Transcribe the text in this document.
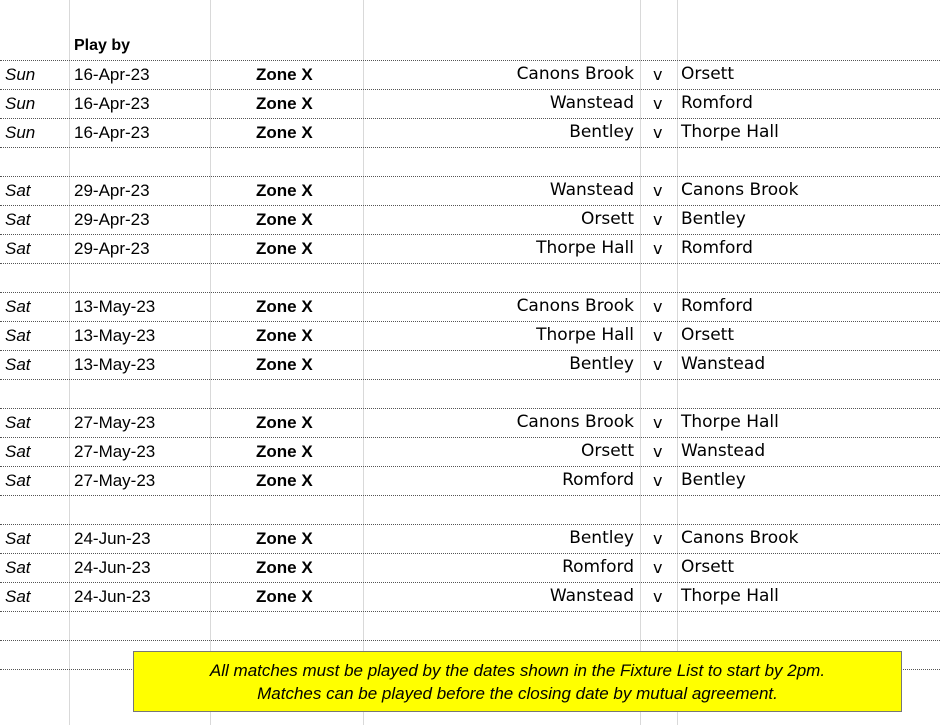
Play by
Sun 16-Apr-23	Zone X	Canons Brook v Orsett
Sun 16-Apr-23	Zone X	Wanstead v Romford
Sun 16-Apr-23	Zone X	Bentley v Thorpe Hall
Sat	29-Apr-23	Zone X	Wanstead v Canons Brook
Sat	29-Apr-23	Zone X	Orsett v Bentley
Sat	29-Apr-23	Zone X	Thorpe Hall v Romford
Sat	13-May-23	Zone X	Canons Brook v Romford
Sat	13-May-23	Zone X	Thorpe Hall v Orsett
Sat	13-May-23	Zone X	Bentley v Wanstead
Sat	27-May-23	Zone X	Canons Brook v Thorpe Hall
Sat	27-May-23	Zone X	Orsett v Wanstead
Sat	27-May-23	Zone X	Romford v Bentley
Sat	24-Jun-23	Zone X	Bentley v Canons Brook
Sat	24-Jun-23	Zone X	Romford v Orsett
Sat	24-Jun-23	Zone X	Wanstead v Thorpe Hall
All matches must be played by the dates shown in the Fixture List to start by 2pm.
Matches can be played before the closing date by mutual agreement.
